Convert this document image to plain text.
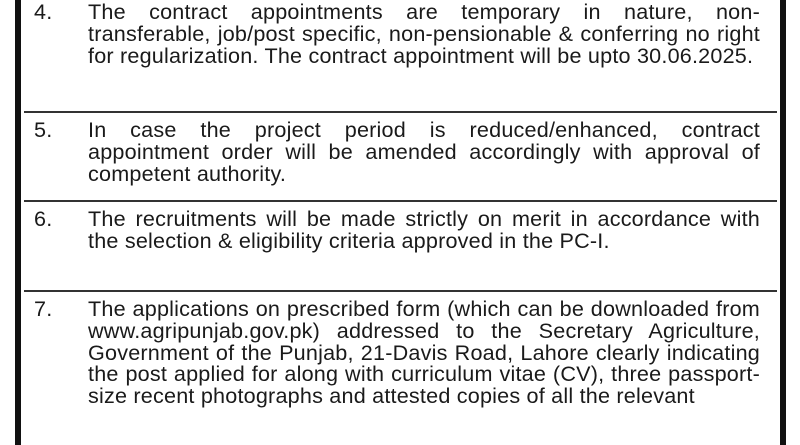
4.	The contract appointments are temporary in nature, non-transferable, job/post specific, non-pensionable & conferring no right for regularization. The contract appointment will be upto 30.06.2025.
5.	In case the project period is reduced/enhanced, contract appointment order will be amended accordingly with approval of competent authority.
6.	The recruitments will be made strictly on merit in accordance with the selection & eligibility criteria approved in the PC-I.
7.	The applications on prescribed form (which can be downloaded from www.agripunjab.gov.pk) addressed to the Secretary Agriculture, Government of the Punjab, 21-Davis Road, Lahore clearly indicating the post applied for along with curriculum vitae (CV), three passport-size recent photographs and attested copies of all the relevant
